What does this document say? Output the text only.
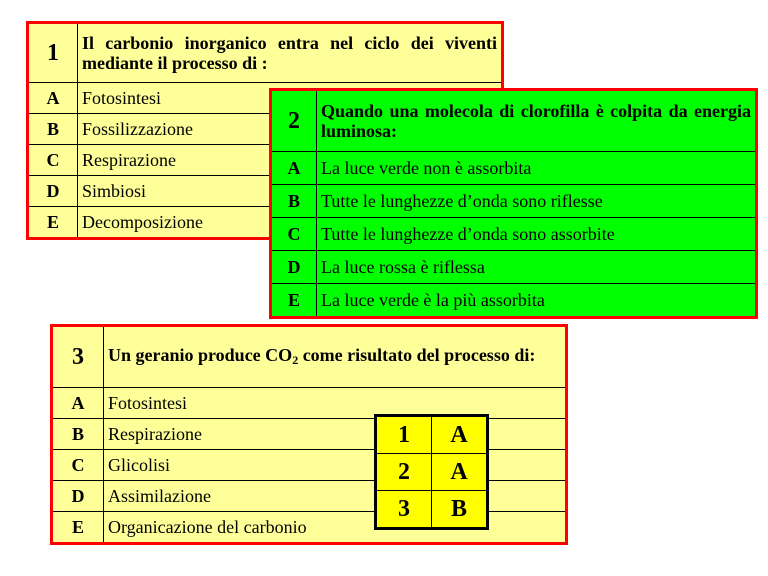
1	Il carbonio inorganico entra nel ciclo dei viventi mediante il processo di :
A	Fotosintesi
B	Fossilizzazione
C	Respirazione
D	Simbiosi
E	Decomposizione
2	Quando una molecola di clorofilla è colpita da energia luminosa:
A	La luce verde non è assorbita
B	Tutte le lunghezze d’onda sono riflesse
C	Tutte le lunghezze d’onda sono assorbite
D	La luce rossa è riflessa
E	La luce verde è la più assorbita
3	Un geranio produce $CO_2$ come risultato del processo di:
A	Fotosintesi
B	Respirazione
C	Glicolisi
D	Assimilazione
E	Organicazione del carbonio
1	A
2	A
3	B
